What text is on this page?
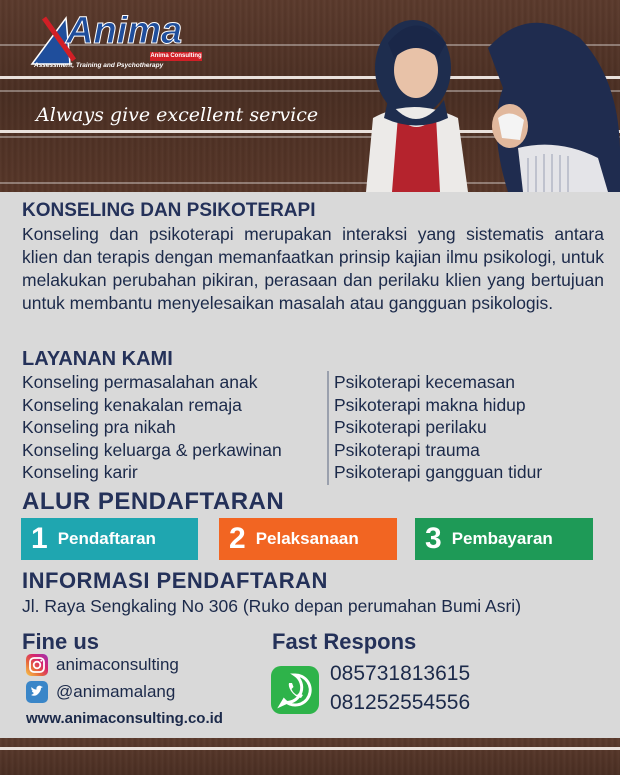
Anima
Anima Consulting
Assessment, Training and Psychotherapy
Always give excellent service
KONSELING DAN PSIKOTERAPI
Konseling dan psikoterapi merupakan interaksi yang sistematis antara klien dan terapis dengan memanfaatkan prinsip kajian ilmu psikologi, untuk melakukan perubahan pikiran, perasaan dan perilaku klien yang bertujuan untuk membantu menyelesaikan masalah atau gangguan psikologis.
LAYANAN KAMI
Konseling permasalahan anak
Konseling kenakalan remaja
Konseling pra nikah
Konseling keluarga & perkawinan
Konseling karir
Psikoterapi kecemasan
Psikoterapi makna hidup
Psikoterapi perilaku
Psikoterapi trauma
Psikoterapi gangguan tidur
ALUR PENDAFTARAN
1 Pendaftaran 2 Pelaksanaan 3 Pembayaran
INFORMASI PENDAFTARAN
Jl. Raya Sengkaling No 306 (Ruko depan perumahan Bumi Asri)
Fine us
animaconsulting
@animamalang
www.animaconsulting.co.id
Fast Respons
085731813615
081252554556
